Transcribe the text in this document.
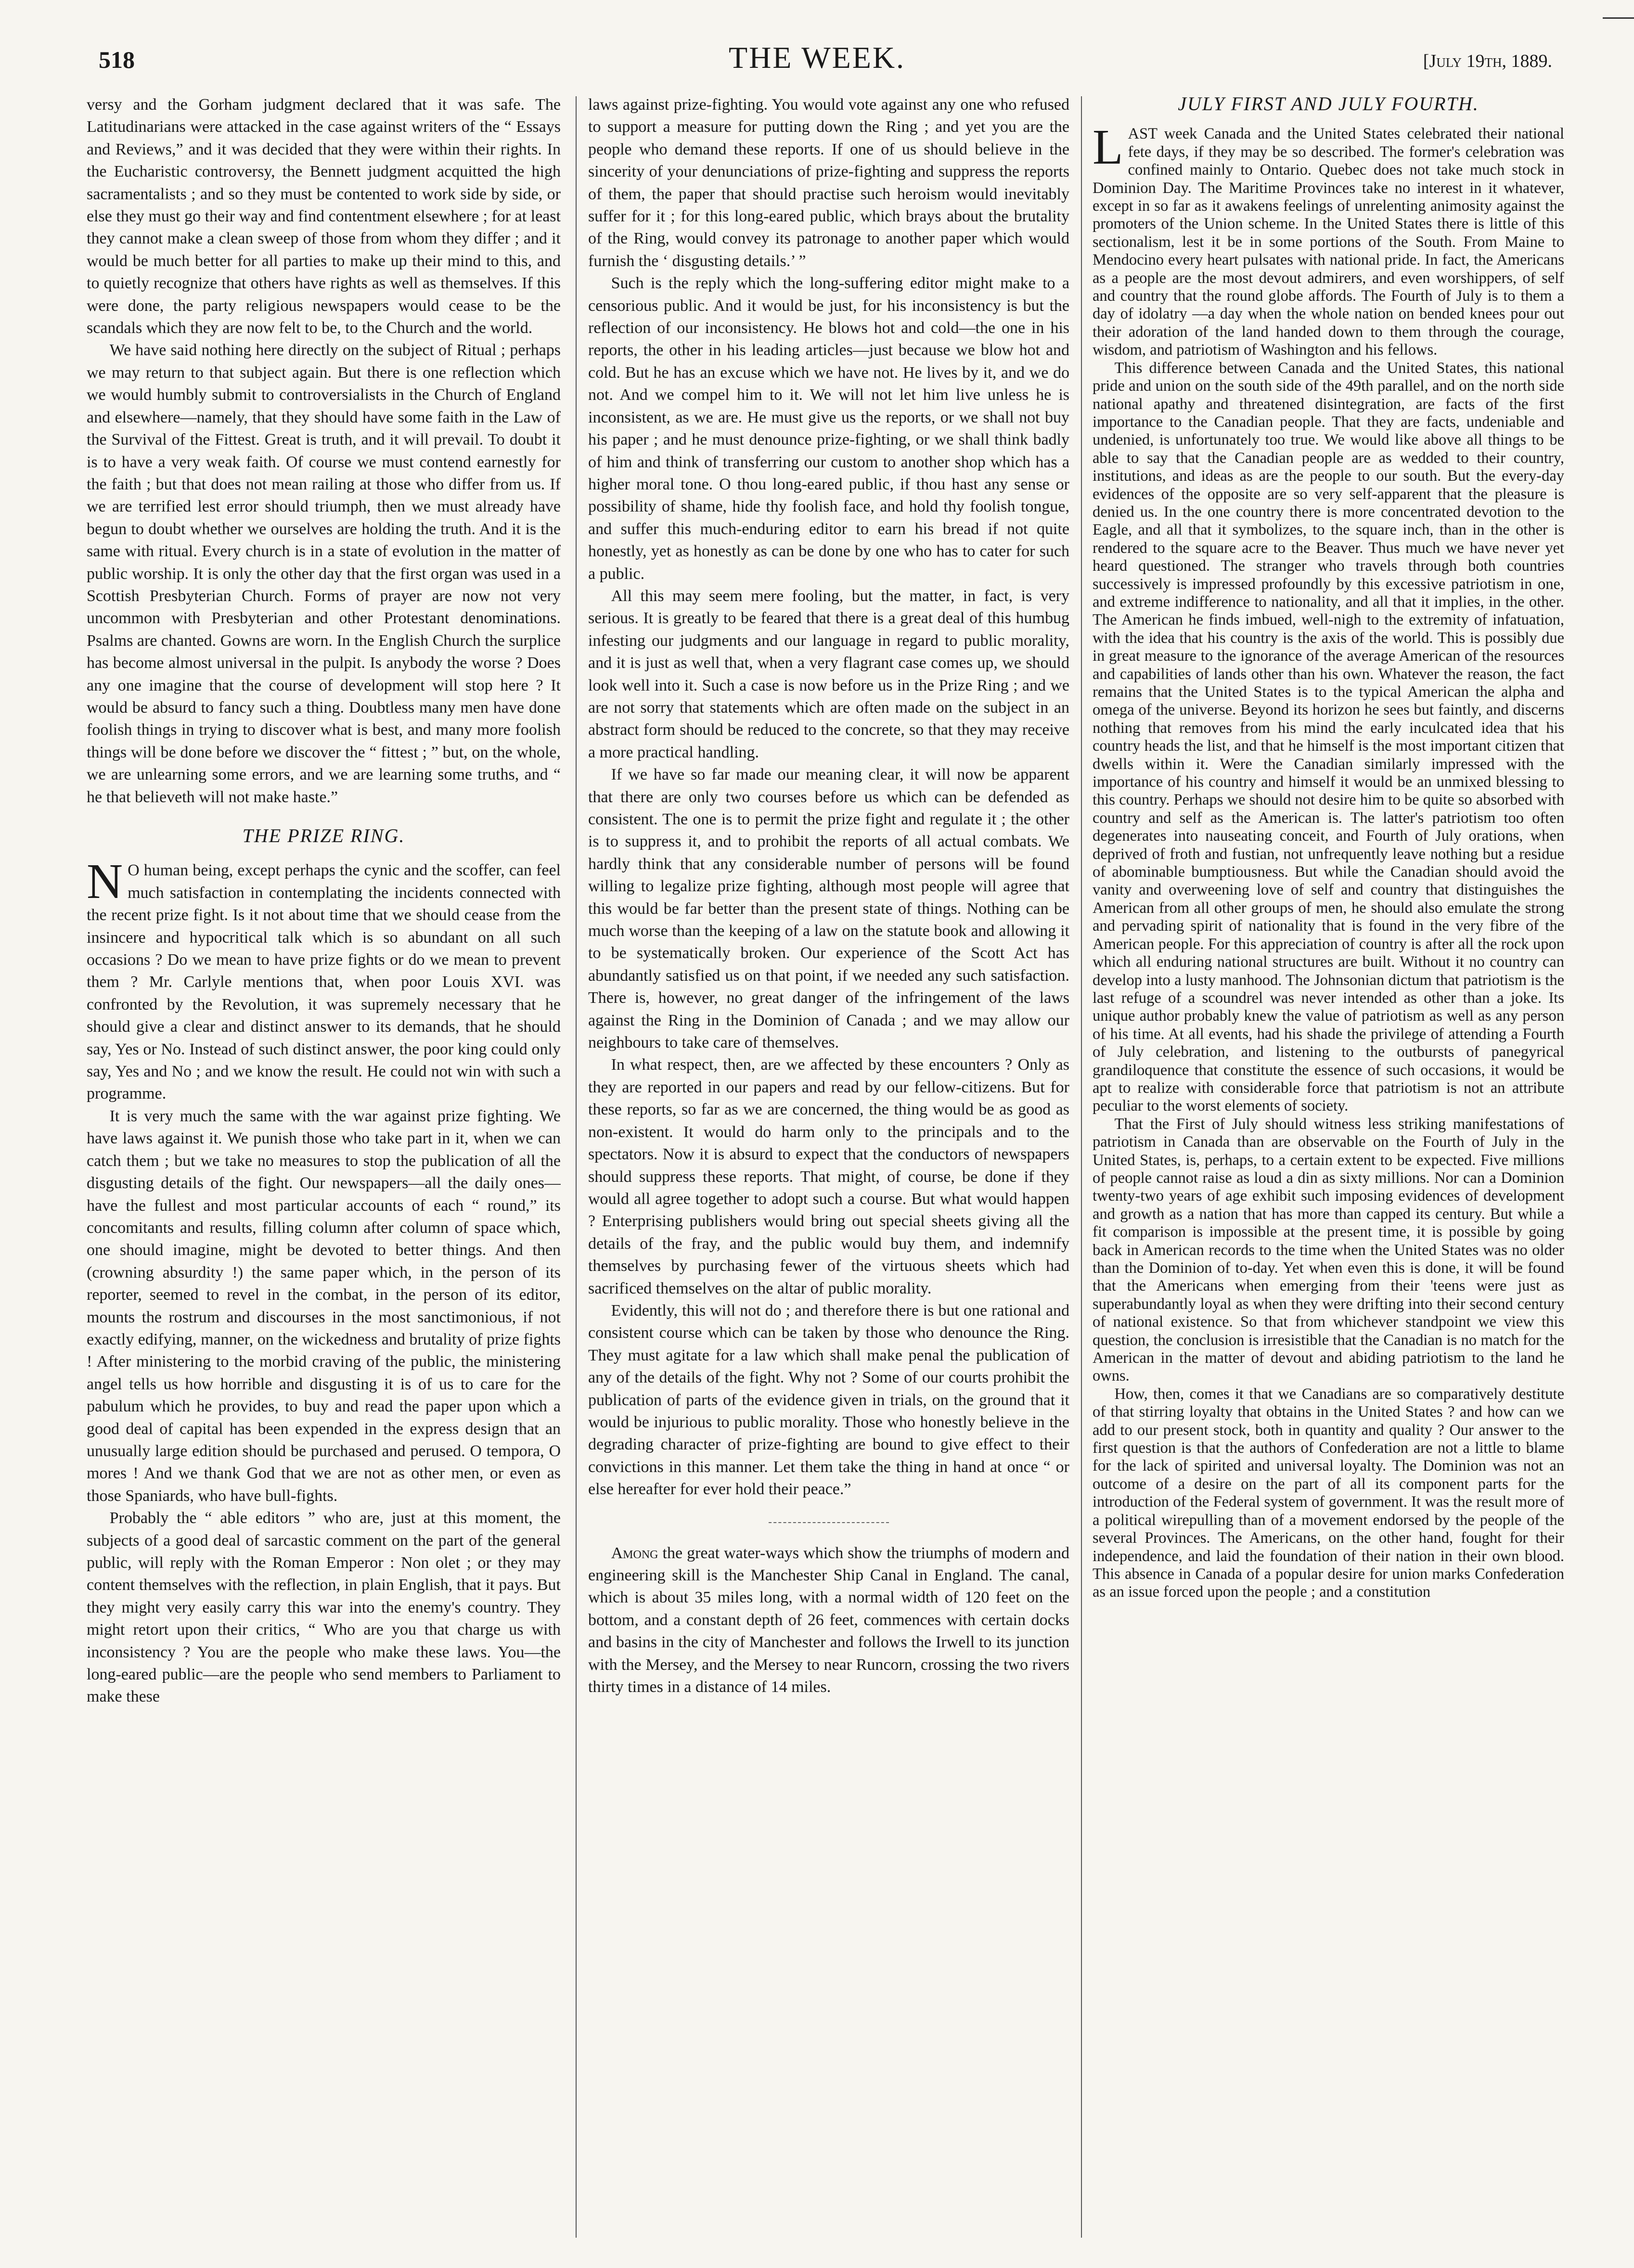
518	THE WEEK.	[July 19th, 1889.

versy and the Gorham judgment declared that it was safe. The Latitudinarians were attacked in the case against writers of the “ Essays and Reviews,” and it was decided that they were within their rights. In the Eucharistic controversy, the Bennett judgment acquitted the high sacramentalists ; and so they must be contented to work side by side, or else they must go their way and find contentment elsewhere ; for at least they cannot make a clean sweep of those from whom they differ ; and it would be much better for all parties to make up their mind to this, and to quietly recognize that others have rights as well as themselves. If this were done, the party religious newspapers would cease to be the scandals which they are now felt to be, to the Church and the world.

We have said nothing here directly on the subject of Ritual ; perhaps we may return to that subject again. But there is one reflection which we would humbly submit to controversialists in the Church of England and elsewhere—namely, that they should have some faith in the Law of the Survival of the Fittest. Great is truth, and it will prevail. To doubt it is to have a very weak faith. Of course we must contend earnestly for the faith ; but that does not mean railing at those who differ from us. If we are terrified lest error should triumph, then we must already have begun to doubt whether we ourselves are holding the truth. And it is the same with ritual. Every church is in a state of evolution in the matter of public worship. It is only the other day that the first organ was used in a Scottish Presbyterian Church. Forms of prayer are now not very uncommon with Presbyterian and other Protestant denominations. Psalms are chanted. Gowns are worn. In the English Church the surplice has become almost universal in the pulpit. Is anybody the worse ? Does any one imagine that the course of development will stop here ? It would be absurd to fancy such a thing. Doubtless many men have done foolish things in trying to discover what is best, and many more foolish things will be done before we discover the “ fittest ; ” but, on the whole, we are unlearning some errors, and we are learning some truths, and “ he that believeth will not make haste.”

THE PRIZE RING.

N O human being, except perhaps the cynic and the scoffer, can feel much satisfaction in contemplating the incidents connected with the recent prize fight. Is it not about time that we should cease from the insincere and hypocritical talk which is so abundant on all such occasions ? Do we mean to have prize fights or do we mean to prevent them ? Mr. Carlyle mentions that, when poor Louis XVI. was confronted by the Revolution, it was supremely necessary that he should give a clear and distinct answer to its demands, that he should say, Yes or No. Instead of such distinct answer, the poor king could only say, Yes and No ; and we know the result. He could not win with such a programme.

It is very much the same with the war against prize fighting. We have laws against it. We punish those who take part in it, when we can catch them ; but we take no measures to stop the publication of all the disgusting details of the fight. Our newspapers—all the daily ones—have the fullest and most particular accounts of each “ round,” its concomitants and results, filling column after column of space which, one should imagine, might be devoted to better things. And then (crowning absurdity !) the same paper which, in the person of its reporter, seemed to revel in the combat, in the person of its editor, mounts the rostrum and discourses in the most sanctimonious, if not exactly edifying, manner, on the wickedness and brutality of prize fights ! After ministering to the morbid craving of the public, the ministering angel tells us how horrible and disgusting it is of us to care for the pabulum which he provides, to buy and read the paper upon which a good deal of capital has been expended in the express design that an unusually large edition should be purchased and perused. O tempora, O mores ! And we thank God that we are not as other men, or even as those Spaniards, who have bull-fights.

Probably the “ able editors ” who are, just at this moment, the subjects of a good deal of sarcastic comment on the part of the general public, will reply with the Roman Emperor : Non olet ; or they may content themselves with the reflection, in plain English, that it pays. But they might very easily carry this war into the enemy's country. They might retort upon their critics, “ Who are you that charge us with inconsistency ? You are the people who make these laws. You—the long-eared public—are the people who send members to Parliament to make these

laws against prize-fighting. You would vote against any one who refused to support a measure for putting down the Ring ; and yet you are the people who demand these reports. If one of us should believe in the sincerity of your denunciations of prize-fighting and suppress the reports of them, the paper that should practise such heroism would inevitably suffer for it ; for this long-eared public, which brays about the brutality of the Ring, would convey its patronage to another paper which would furnish the ‘ disgusting details.’ ”

Such is the reply which the long-suffering editor might make to a censorious public. And it would be just, for his inconsistency is but the reflection of our inconsistency. He blows hot and cold—the one in his reports, the other in his leading articles—just because we blow hot and cold. But he has an excuse which we have not. He lives by it, and we do not. And we compel him to it. We will not let him live unless he is inconsistent, as we are. He must give us the reports, or we shall not buy his paper ; and he must denounce prize-fighting, or we shall think badly of him and think of transferring our custom to another shop which has a higher moral tone. O thou long-eared public, if thou hast any sense or possibility of shame, hide thy foolish face, and hold thy foolish tongue, and suffer this much-enduring editor to earn his bread if not quite honestly, yet as honestly as can be done by one who has to cater for such a public.

All this may seem mere fooling, but the matter, in fact, is very serious. It is greatly to be feared that there is a great deal of this humbug infesting our judgments and our language in regard to public morality, and it is just as well that, when a very flagrant case comes up, we should look well into it. Such a case is now before us in the Prize Ring ; and we are not sorry that statements which are often made on the subject in an abstract form should be reduced to the concrete, so that they may receive a more practical handling.

If we have so far made our meaning clear, it will now be apparent that there are only two courses before us which can be defended as consistent. The one is to permit the prize fight and regulate it ; the other is to suppress it, and to prohibit the reports of all actual combats. We hardly think that any considerable number of persons will be found willing to legalize prize fighting, although most people will agree that this would be far better than the present state of things. Nothing can be much worse than the keeping of a law on the statute book and allowing it to be systematically broken. Our experience of the Scott Act has abundantly satisfied us on that point, if we needed any such satisfaction. There is, however, no great danger of the infringement of the laws against the Ring in the Dominion of Canada ; and we may allow our neighbours to take care of themselves.

In what respect, then, are we affected by these encounters ? Only as they are reported in our papers and read by our fellow-citizens. But for these reports, so far as we are concerned, the thing would be as good as non-existent. It would do harm only to the principals and to the spectators. Now it is absurd to expect that the conductors of newspapers should suppress these reports. That might, of course, be done if they would all agree together to adopt such a course. But what would happen ? Enterprising publishers would bring out special sheets giving all the details of the fray, and the public would buy them, and indemnify themselves by purchasing fewer of the virtuous sheets which had sacrificed themselves on the altar of public morality.

Evidently, this will not do ; and therefore there is but one rational and consistent course which can be taken by those who denounce the Ring. They must agitate for a law which shall make penal the publication of any of the details of the fight. Why not ? Some of our courts prohibit the publication of parts of the evidence given in trials, on the ground that it would be injurious to public morality. Those who honestly believe in the degrading character of prize-fighting are bound to give effect to their convictions in this manner. Let them take the thing in hand at once “ or else hereafter for ever hold their peace.”

Among the great water-ways which show the triumphs of modern and engineering skill is the Manchester Ship Canal in England. The canal, which is about 35 miles long, with a normal width of 120 feet on the bottom, and a constant depth of 26 feet, commences with certain docks and basins in the city of Manchester and follows the Irwell to its junction with the Mersey, and the Mersey to near Runcorn, crossing the two rivers thirty times in a distance of 14 miles.

JULY FIRST AND JULY FOURTH.

LAST week Canada and the United States celebrated their national fete days, if they may be so described. The former's celebration was confined mainly to Ontario. Quebec does not take much stock in Dominion Day. The Maritime Provinces take no interest in it whatever, except in so far as it awakens feelings of unrelenting animosity against the promoters of the Union scheme. In the United States there is little of this sectionalism, lest it be in some portions of the South. From Maine to Mendocino every heart pulsates with national pride. In fact, the Americans as a people are the most devout admirers, and even worshippers, of self and country that the round globe affords. The Fourth of July is to them a day of idolatry —a day when the whole nation on bended knees pour out their adoration of the land handed down to them through the courage, wisdom, and patriotism of Washington and his fellows.

This difference between Canada and the United States, this national pride and union on the south side of the 49th parallel, and on the north side national apathy and threatened disintegration, are facts of the first importance to the Canadian people. That they are facts, undeniable and undenied, is unfortunately too true. We would like above all things to be able to say that the Canadian people are as wedded to their country, institutions, and ideas as are the people to our south. But the every-day evidences of the opposite are so very self-apparent that the pleasure is denied us. In the one country there is more concentrated devotion to the Eagle, and all that it symbolizes, to the square inch, than in the other is rendered to the square acre to the Beaver. Thus much we have never yet heard questioned. The stranger who travels through both countries successively is impressed profoundly by this excessive patriotism in one, and extreme indifference to nationality, and all that it implies, in the other. The American he finds imbued, well-nigh to the extremity of infatuation, with the idea that his country is the axis of the world. This is possibly due in great measure to the ignorance of the average American of the resources and capabilities of lands other than his own. Whatever the reason, the fact remains that the United States is to the typical American the alpha and omega of the universe. Beyond its horizon he sees but faintly, and discerns nothing that removes from his mind the early inculcated idea that his country heads the list, and that he himself is the most important citizen that dwells within it. Were the Canadian similarly impressed with the importance of his country and himself it would be an unmixed blessing to this country. Perhaps we should not desire him to be quite so absorbed with country and self as the American is. The latter's patriotism too often degenerates into nauseating conceit, and Fourth of July orations, when deprived of froth and fustian, not unfrequently leave nothing but a residue of abominable bumptiousness. But while the Canadian should avoid the vanity and overweening love of self and country that distinguishes the American from all other groups of men, he should also emulate the strong and pervading spirit of nationality that is found in the very fibre of the American people. For this appreciation of country is after all the rock upon which all enduring national structures are built. Without it no country can develop into a lusty manhood. The Johnsonian dictum that patriotism is the last refuge of a scoundrel was never intended as other than a joke. Its unique author probably knew the value of patriotism as well as any person of his time. At all events, had his shade the privilege of attending a Fourth of July celebration, and listening to the outbursts of panegyrical grandiloquence that constitute the essence of such occasions, it would be apt to realize with considerable force that patriotism is not an attribute peculiar to the worst elements of society.

That the First of July should witness less striking manifestations of patriotism in Canada than are observable on the Fourth of July in the United States, is, perhaps, to a certain extent to be expected. Five millions of people cannot raise as loud a din as sixty millions. Nor can a Dominion twenty-two years of age exhibit such imposing evidences of development and growth as a nation that has more than capped its century. But while a fit comparison is impossible at the present time, it is possible by going back in American records to the time when the United States was no older than the Dominion of to-day. Yet when even this is done, it will be found that the Americans when emerging from their 'teens were just as superabundantly loyal as when they were drifting into their second century of national existence. So that from whichever standpoint we view this question, the conclusion is irresistible that the Canadian is no match for the American in the matter of devout and abiding patriotism to the land he owns.

How, then, comes it that we Canadians are so comparatively destitute of that stirring loyalty that obtains in the United States ? and how can we add to our present stock, both in quantity and quality ? Our answer to the first question is that the authors of Confederation are not a little to blame for the lack of spirited and universal loyalty. The Dominion was not an outcome of a desire on the part of all its component parts for the introduction of the Federal system of government. It was the result more of a political wirepulling than of a movement endorsed by the people of the several Provinces. The Americans, on the other hand, fought for their independence, and laid the foundation of their nation in their own blood. This absence in Canada of a popular desire for union marks Confederation as an issue forced upon the people ; and a constitution
